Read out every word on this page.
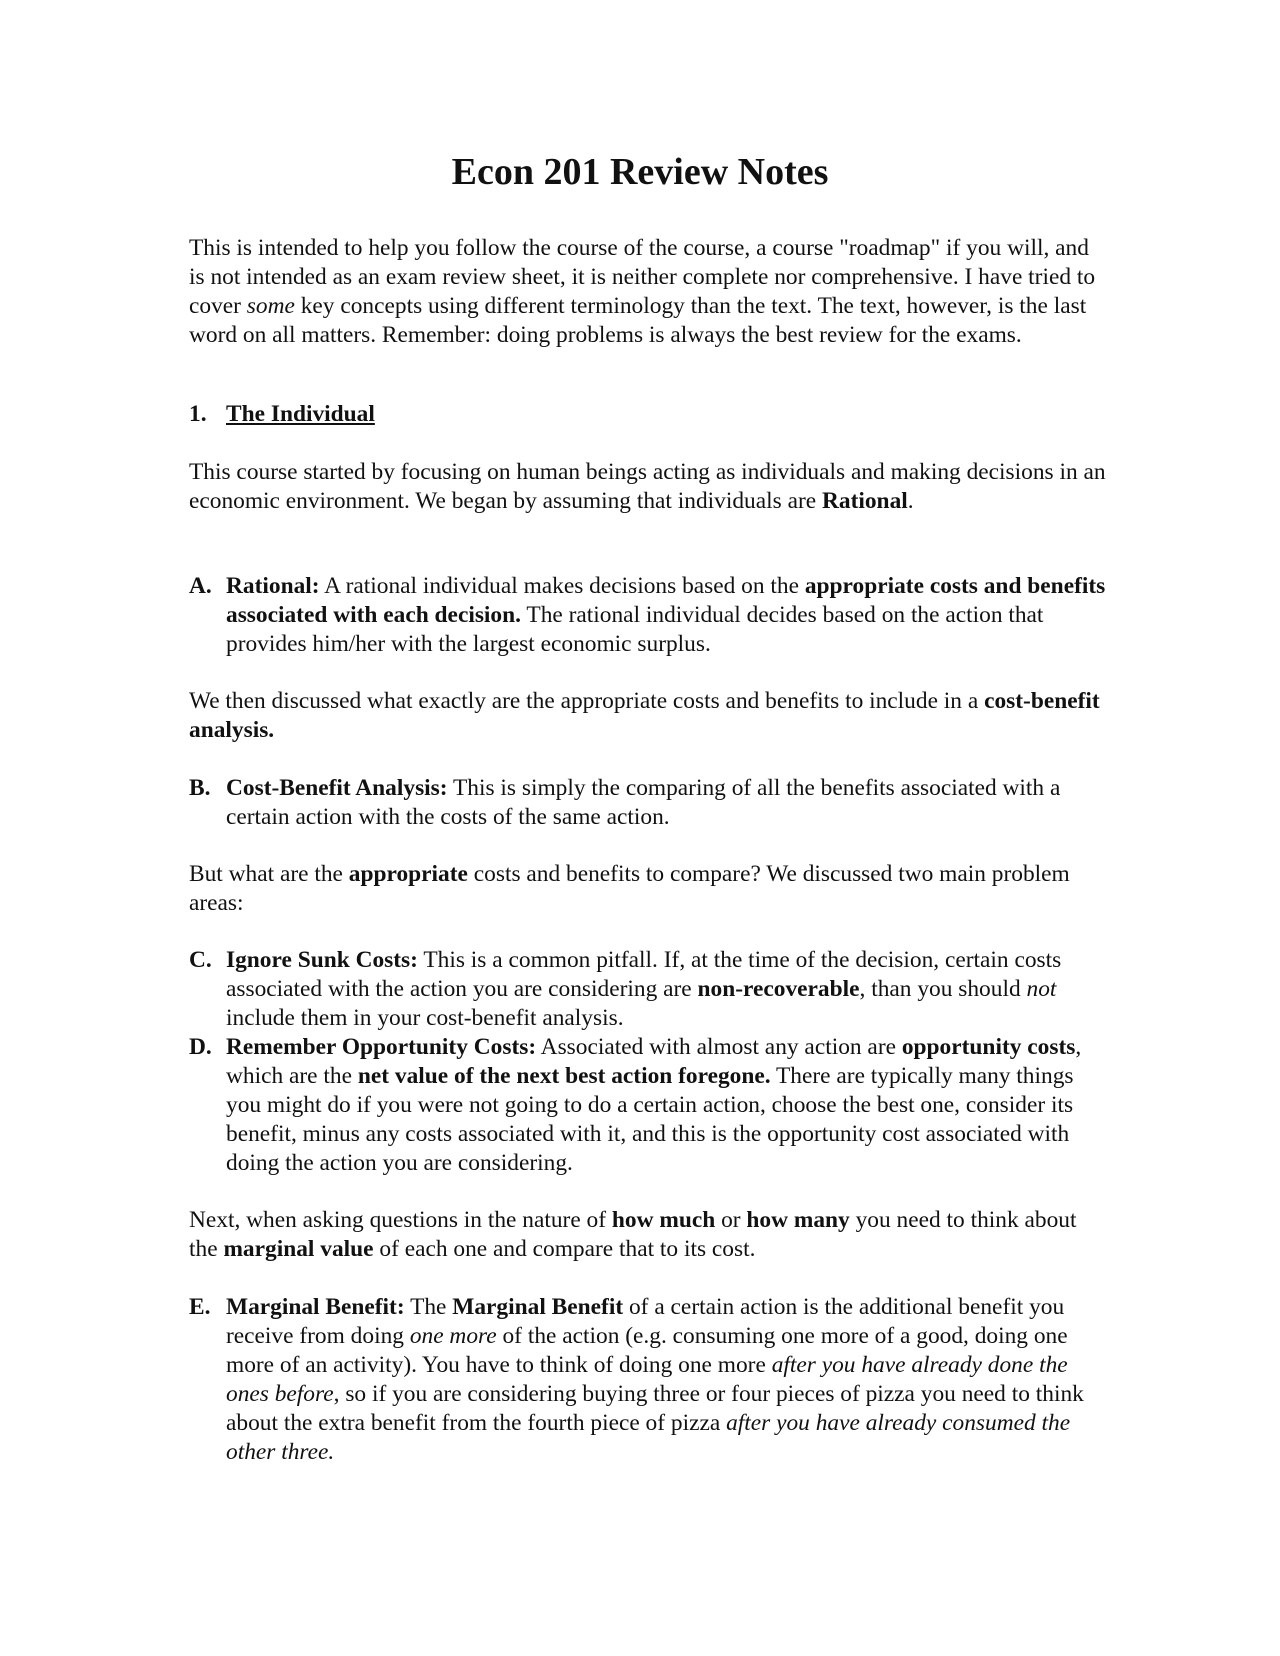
Econ 201 Review Notes

This is intended to help you follow the course of the course, a course "roadmap" if you will, and is not intended as an exam review sheet, it is neither complete nor comprehensive. I have tried to cover some key concepts using different terminology than the text. The text, however, is the last word on all matters. Remember: doing problems is always the best review for the exams.

1. The Individual

This course started by focusing on human beings acting as individuals and making decisions in an economic environment. We began by assuming that individuals are Rational.

A. Rational: A rational individual makes decisions based on the appropriate costs and benefits associated with each decision. The rational individual decides based on the action that provides him/her with the largest economic surplus.

We then discussed what exactly are the appropriate costs and benefits to include in a cost-benefit analysis.

B. Cost-Benefit Analysis: This is simply the comparing of all the benefits associated with a certain action with the costs of the same action.

But what are the appropriate costs and benefits to compare? We discussed two main problem areas:

C. Ignore Sunk Costs: This is a common pitfall. If, at the time of the decision, certain costs associated with the action you are considering are non-recoverable, than you should not include them in your cost-benefit analysis.
D. Remember Opportunity Costs: Associated with almost any action are opportunity costs, which are the net value of the next best action foregone. There are typically many things you might do if you were not going to do a certain action, choose the best one, consider its benefit, minus any costs associated with it, and this is the opportunity cost associated with doing the action you are considering.

Next, when asking questions in the nature of how much or how many you need to think about the marginal value of each one and compare that to its cost.

E. Marginal Benefit: The Marginal Benefit of a certain action is the additional benefit you receive from doing one more of the action (e.g. consuming one more of a good, doing one more of an activity). You have to think of doing one more after you have already done the ones before, so if you are considering buying three or four pieces of pizza you need to think about the extra benefit from the fourth piece of pizza after you have already consumed the other three.
